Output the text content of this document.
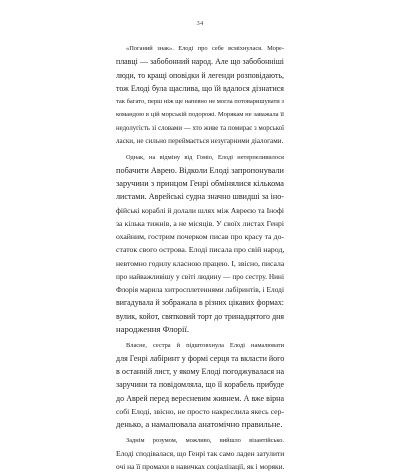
34
«Поганий знак». Елоді про себе всміхнулася. Море-
плавці — забобонний народ. Але що забобонніші
люди, то кращі оповідки й легенди розповідають,
тож Елоді була щаслива, що їй вдалося дізнатися
так багато, перш ніж ще напевно не могла потоваришувати з
командою в цій морській подорожі. Морякам не заважала її
недолугість зі словами — хто живе та помирає з морської
ласки, не сильно переймається незугарними діалогами.
Однак, на відміну від Гоміо, Елоді нетерпеливилося
побачити Аврею. Відколи Елоді запропонували
заручини з принцом Генрі обмінялися кількома
листами. Аврейські судна значно швидші за іно-
фійські кораблі й долали шлях між Авреєю та Інофі
за кілька тижнів, а не місяців. У своїх листах Генрі
охайним, гострим почерком писав про красу та до-
статок свого острова. Елоді писала про свій народ,
невтомно годилу класною працею. І, звісно, писала
про найважливішу у світі людину — про сестру. Нині
Флорія марила хитросплетеннями лабіринтів, і Елоді
вигадувала й зображала в різних цікавих формах:
вулик, койот, святковий торт до тринадцятого дня
народження Флорії.
Власне, сестра й підштовхнула Елоді намалювати
для Генрі лабіринт у формі серця та вкласти його
в останній лист, у якому Елоді погоджувалася на
заручини та повідомляла, що її корабель прибуде
до Аврей перед вересневим живнем. А вже вірна
собі Елоді, звісно, не просто накреслила якесь сер-
денько, а намалювала анатомічно правильне.
Заднім розумом, можливо, вийшло візантійсько.
Елоді сподівалася, що Генрі так само ладен затулити
очі на її промахи в навичках соціалізації, як і моряки.
